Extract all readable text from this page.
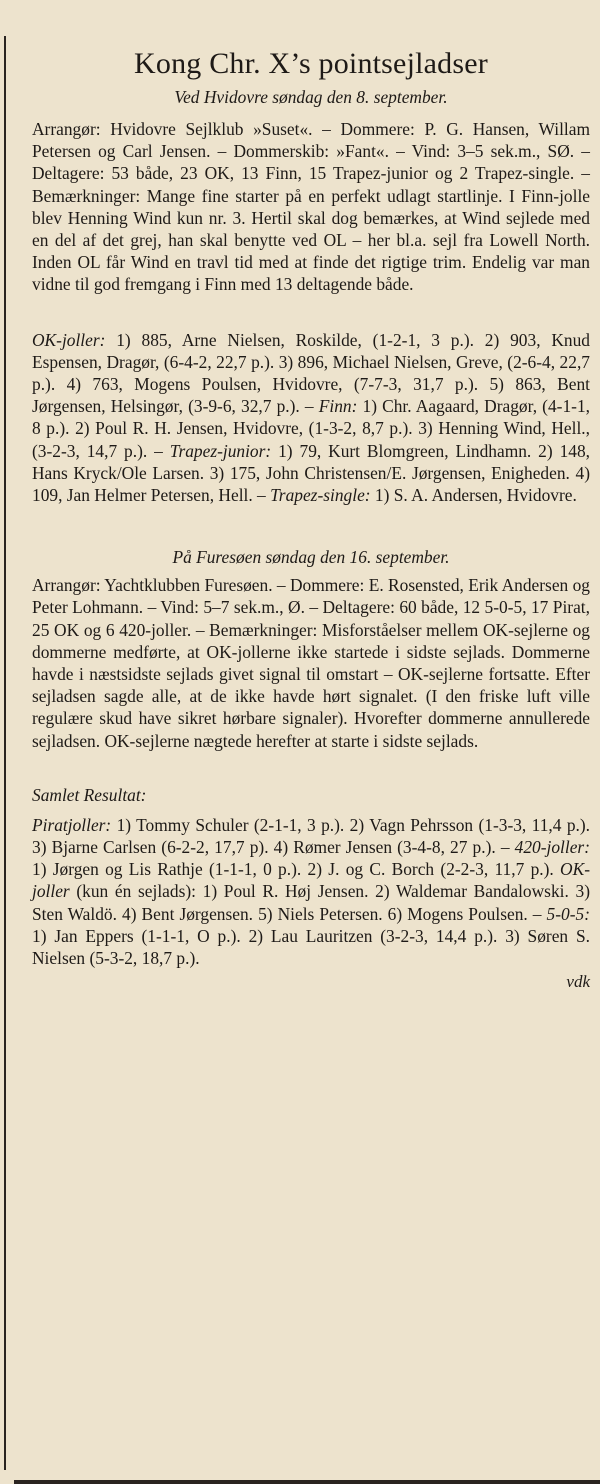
Kong Chr. X’s pointsejladser

Ved Hvidovre søndag den 8. september.

Arrangør: Hvidovre Sejlklub »Suset«. – Dommere: P. G. Hansen, Willam Petersen og Carl Jensen. – Dommerskib: »Fant«. – Vind: 3–5 sek.m., SØ. – Deltagere: 53 både, 23 OK, 13 Finn, 15 Trapez-junior og 2 Trapez-single. – Bemærkninger: Mange fine starter på en perfekt udlagt startlinje. I Finn-jolle blev Henning Wind kun nr. 3. Hertil skal dog bemærkes, at Wind sejlede med en del af det grej, han skal benytte ved OL – her bl.a. sejl fra Lowell North. Inden OL får Wind en travl tid med at finde det rigtige trim. Endelig var man vidne til god fremgang i Finn med 13 deltagende både.

OK-joller: 1) 885, Arne Nielsen, Roskilde, (1-2-1, 3 p.). 2) 903, Knud Espensen, Dragør, (6-4-2, 22,7 p.). 3) 896, Michael Nielsen, Greve, (2-6-4, 22,7 p.). 4) 763, Mogens Poulsen, Hvidovre, (7-7-3, 31,7 p.). 5) 863, Bent Jørgensen, Helsingør, (3-9-6, 32,7 p.). – Finn: 1) Chr. Aagaard, Dragør, (4-1-1, 8 p.). 2) Poul R. H. Jensen, Hvidovre, (1-3-2, 8,7 p.). 3) Henning Wind, Hell., (3-2-3, 14,7 p.). – Trapez-junior: 1) 79, Kurt Blomgreen, Lindhamn. 2) 148, Hans Kryck/Ole Larsen. 3) 175, John Christensen/E. Jørgensen, Enigheden. 4) 109, Jan Helmer Petersen, Hell. – Trapez-single: 1) S. A. Andersen, Hvidovre.

På Furesøen søndag den 16. september.

Arrangør: Yachtklubben Furesøen. – Dommere: E. Rosensted, Erik Andersen og Peter Lohmann. – Vind: 5–7 sek.m., Ø. – Deltagere: 60 både, 12 5-0-5, 17 Pirat, 25 OK og 6 420-joller. – Bemærkninger: Misforståelser mellem OK-sejlerne og dommerne medførte, at OK-jollerne ikke startede i sidste sejlads. Dommerne havde i næstsidste sejlads givet signal til omstart – OK-sejlerne fortsatte. Efter sejladsen sagde alle, at de ikke havde hørt signalet. (I den friske luft ville regulære skud have sikret hørbare signaler). Hvorefter dommerne annullerede sejladsen. OK-sejlerne nægtede herefter at starte i sidste sejlads.

Samlet Resultat:

Piratjoller: 1) Tommy Schuler (2-1-1, 3 p.). 2) Vagn Pehrsson (1-3-3, 11,4 p.). 3) Bjarne Carlsen (6-2-2, 17,7 p). 4) Rømer Jensen (3-4-8, 27 p.). – 420-joller: 1) Jørgen og Lis Rathje (1-1-1, 0 p.). 2) J. og C. Borch (2-2-3, 11,7 p.). OK-joller (kun én sejlads): 1) Poul R. Høj Jensen. 2) Waldemar Bandalowski. 3) Sten Waldö. 4) Bent Jørgensen. 5) Niels Petersen. 6) Mogens Poulsen. – 5-0-5: 1) Jan Eppers (1-1-1, O p.). 2) Lau Lauritzen (3-2-3, 14,4 p.). 3) Søren S. Nielsen (5-3-2, 18,7 p.).

vdk
